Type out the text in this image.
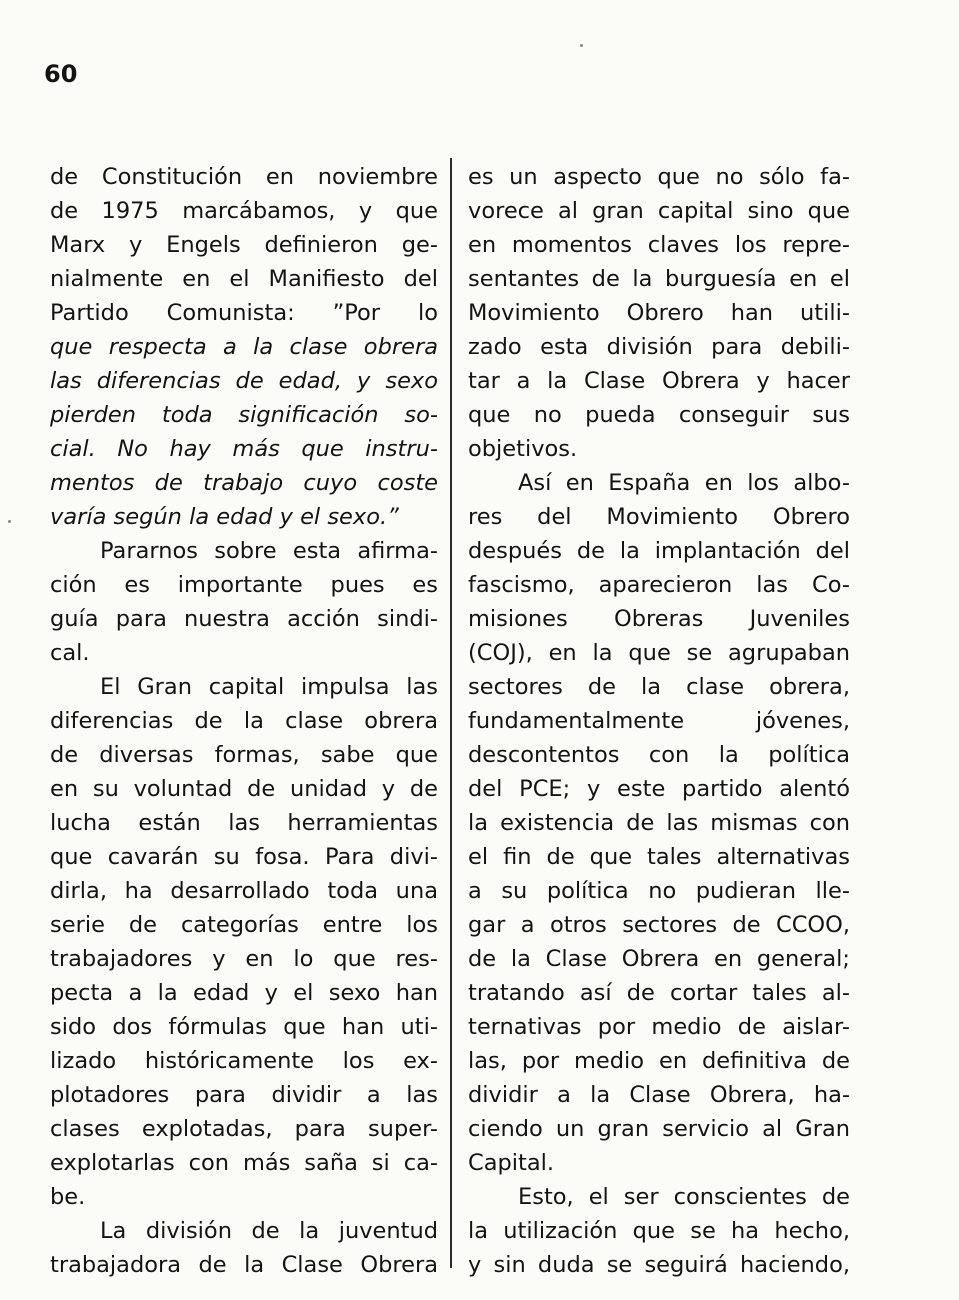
60
de Constitución en noviembre
de 1975 marcábamos, y que
Marx y Engels definieron ge-
nialmente en el Manifiesto del
Partido Comunista: ”Por lo
que respecta a la clase obrera
las diferencias de edad, y sexo
pierden toda significación so-
cial. No hay más que instru-
mentos de trabajo cuyo coste
varía según la edad y el sexo.”
Pararnos sobre esta afirma-
ción es importante pues es
guía para nuestra acción sindi-
cal.
El Gran capital impulsa las
diferencias de la clase obrera
de diversas formas, sabe que
en su voluntad de unidad y de
lucha están las herramientas
que cavarán su fosa. Para divi-
dirla, ha desarrollado toda una
serie de categorías entre los
trabajadores y en lo que res-
pecta a la edad y el sexo han
sido dos fórmulas que han uti-
lizado históricamente los ex-
plotadores para dividir a las
clases explotadas, para super-
explotarlas con más saña si ca-
be.
La división de la juventud
trabajadora de la Clase Obrera
es un aspecto que no sólo fa-
vorece al gran capital sino que
en momentos claves los repre-
sentantes de la burguesía en el
Movimiento Obrero han utili-
zado esta división para debili-
tar a la Clase Obrera y hacer
que no pueda conseguir sus
objetivos.
Así en España en los albo-
res del Movimiento Obrero
después de la implantación del
fascismo, aparecieron las Co-
misiones Obreras Juveniles
(COJ), en la que se agrupaban
sectores de la clase obrera,
fundamentalmente jóvenes,
descontentos con la política
del PCE; y este partido alentó
la existencia de las mismas con
el fin de que tales alternativas
a su política no pudieran lle-
gar a otros sectores de CCOO,
de la Clase Obrera en general;
tratando así de cortar tales al-
ternativas por medio de aislar-
las, por medio en definitiva de
dividir a la Clase Obrera, ha-
ciendo un gran servicio al Gran
Capital.
Esto, el ser conscientes de
la utilización que se ha hecho,
y sin duda se seguirá haciendo,
